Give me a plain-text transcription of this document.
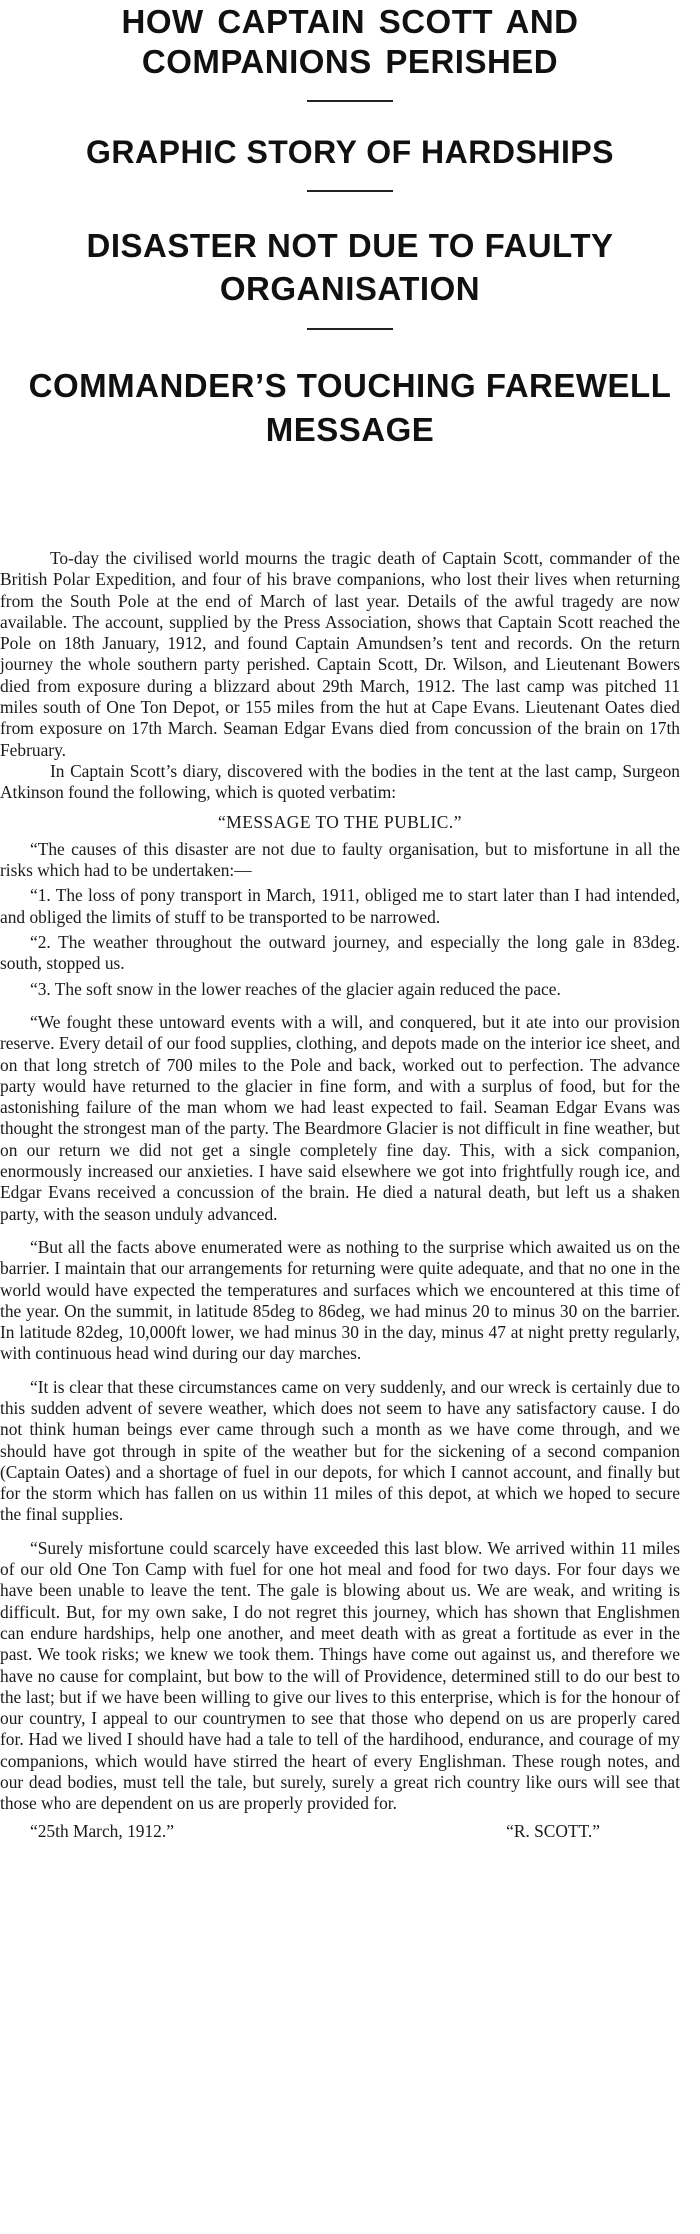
HOW CAPTAIN SCOTT AND COMPANIONS PERISHED
GRAPHIC STORY OF HARDSHIPS
DISASTER NOT DUE TO FAULTY ORGANISATION
COMMANDER’S TOUCHING FAREWELL MESSAGE

To-day the civilised world mourns the tragic death of Captain Scott, commander of the British Polar Expedition, and four of his brave companions, who lost their lives when returning from the South Pole at the end of March of last year. Details of the awful tragedy are now available. The account, supplied by the Press Association, shows that Captain Scott reached the Pole on 18th January, 1912, and found Captain Amundsen’s tent and records. On the return journey the whole southern party perished. Captain Scott, Dr. Wilson, and Lieutenant Bowers died from exposure during a blizzard about 29th March, 1912. The last camp was pitched 11 miles south of One Ton Depot, or 155 miles from the hut at Cape Evans. Lieutenant Oates died from exposure on 17th March. Seaman Edgar Evans died from concussion of the brain on 17th February.

In Captain Scott’s diary, discovered with the bodies in the tent at the last camp, Surgeon Atkinson found the following, which is quoted verbatim:

“MESSAGE TO THE PUBLIC.”

“The causes of this disaster are not due to faulty organisation, but to misfortune in all the risks which had to be undertaken:—

“1. The loss of pony transport in March, 1911, obliged me to start later than I had intended, and obliged the limits of stuff to be transported to be narrowed.

“2. The weather throughout the outward journey, and especially the long gale in 83deg. south, stopped us.

“3. The soft snow in the lower reaches of the glacier again reduced the pace.

“We fought these untoward events with a will, and conquered, but it ate into our provision reserve. Every detail of our food supplies, clothing, and depots made on the interior ice sheet, and on that long stretch of 700 miles to the Pole and back, worked out to perfection. The advance party would have returned to the glacier in fine form, and with a surplus of food, but for the astonishing failure of the man whom we had least expected to fail. Seaman Edgar Evans was thought the strongest man of the party. The Beardmore Glacier is not difficult in fine weather, but on our return we did not get a single completely fine day. This, with a sick companion, enormously increased our anxieties. I have said elsewhere we got into frightfully rough ice, and Edgar Evans received a concussion of the brain. He died a natural death, but left us a shaken party, with the season unduly advanced.

“But all the facts above enumerated were as nothing to the surprise which awaited us on the barrier. I maintain that our arrangements for returning were quite adequate, and that no one in the world would have expected the temperatures and surfaces which we encountered at this time of the year. On the summit, in latitude 85deg to 86deg, we had minus 20 to minus 30 on the barrier. In latitude 82deg, 10,000ft lower, we had minus 30 in the day, minus 47 at night pretty regularly, with continuous head wind during our day marches.

“It is clear that these circumstances came on very suddenly, and our wreck is certainly due to this sudden advent of severe weather, which does not seem to have any satisfactory cause. I do not think human beings ever came through such a month as we have come through, and we should have got through in spite of the weather but for the sickening of a second companion (Captain Oates) and a shortage of fuel in our depots, for which I cannot account, and finally but for the storm which has fallen on us within 11 miles of this depot, at which we hoped to secure the final supplies.

“Surely misfortune could scarcely have exceeded this last blow. We arrived within 11 miles of our old One Ton Camp with fuel for one hot meal and food for two days. For four days we have been unable to leave the tent. The gale is blowing about us. We are weak, and writing is difficult. But, for my own sake, I do not regret this journey, which has shown that Englishmen can endure hardships, help one another, and meet death with as great a fortitude as ever in the past. We took risks; we knew we took them. Things have come out against us, and therefore we have no cause for complaint, but bow to the will of Providence, determined still to do our best to the last; but if we have been willing to give our lives to this enterprise, which is for the honour of our country, I appeal to our countrymen to see that those who depend on us are properly cared for. Had we lived I should have had a tale to tell of the hardihood, endurance, and courage of my companions, which would have stirred the heart of every Englishman. These rough notes, and our dead bodies, must tell the tale, but surely, surely a great rich country like ours will see that those who are dependent on us are properly provided for.

“25th March, 1912.”	“R. SCOTT.”
